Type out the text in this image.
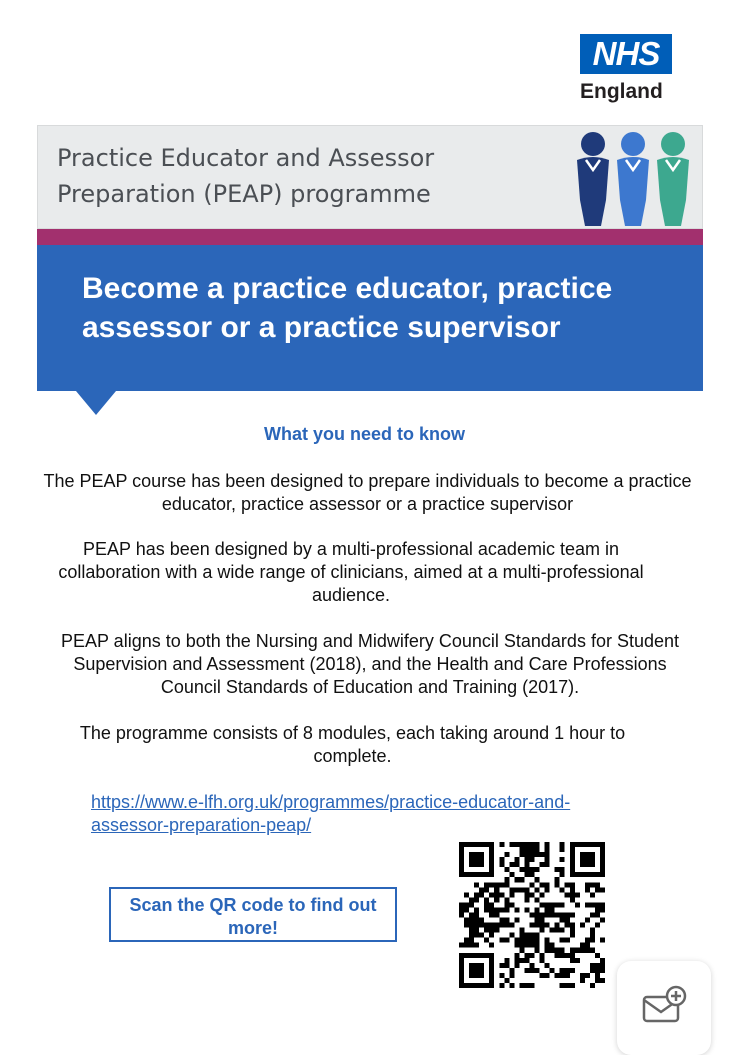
NHS
England
Practice Educator and Assessor Preparation (PEAP) programme
Become a practice educator, practice assessor or a practice supervisor
What you need to know
The PEAP course has been designed to prepare individuals to become a practice educator, practice assessor or a practice supervisor
PEAP has been designed by a multi-professional academic team in collaboration with a wide range of clinicians, aimed at a multi-professional audience.
PEAP aligns to both the Nursing and Midwifery Council Standards for Student Supervision and Assessment (2018), and the Health and Care Professions Council Standards of Education and Training (2017).
The programme consists of 8 modules, each taking around 1 hour to complete.
https://www.e-lfh.org.uk/programmes/practice-educator-and- assessor-preparation-peap/
Scan the QR code to find out more!
